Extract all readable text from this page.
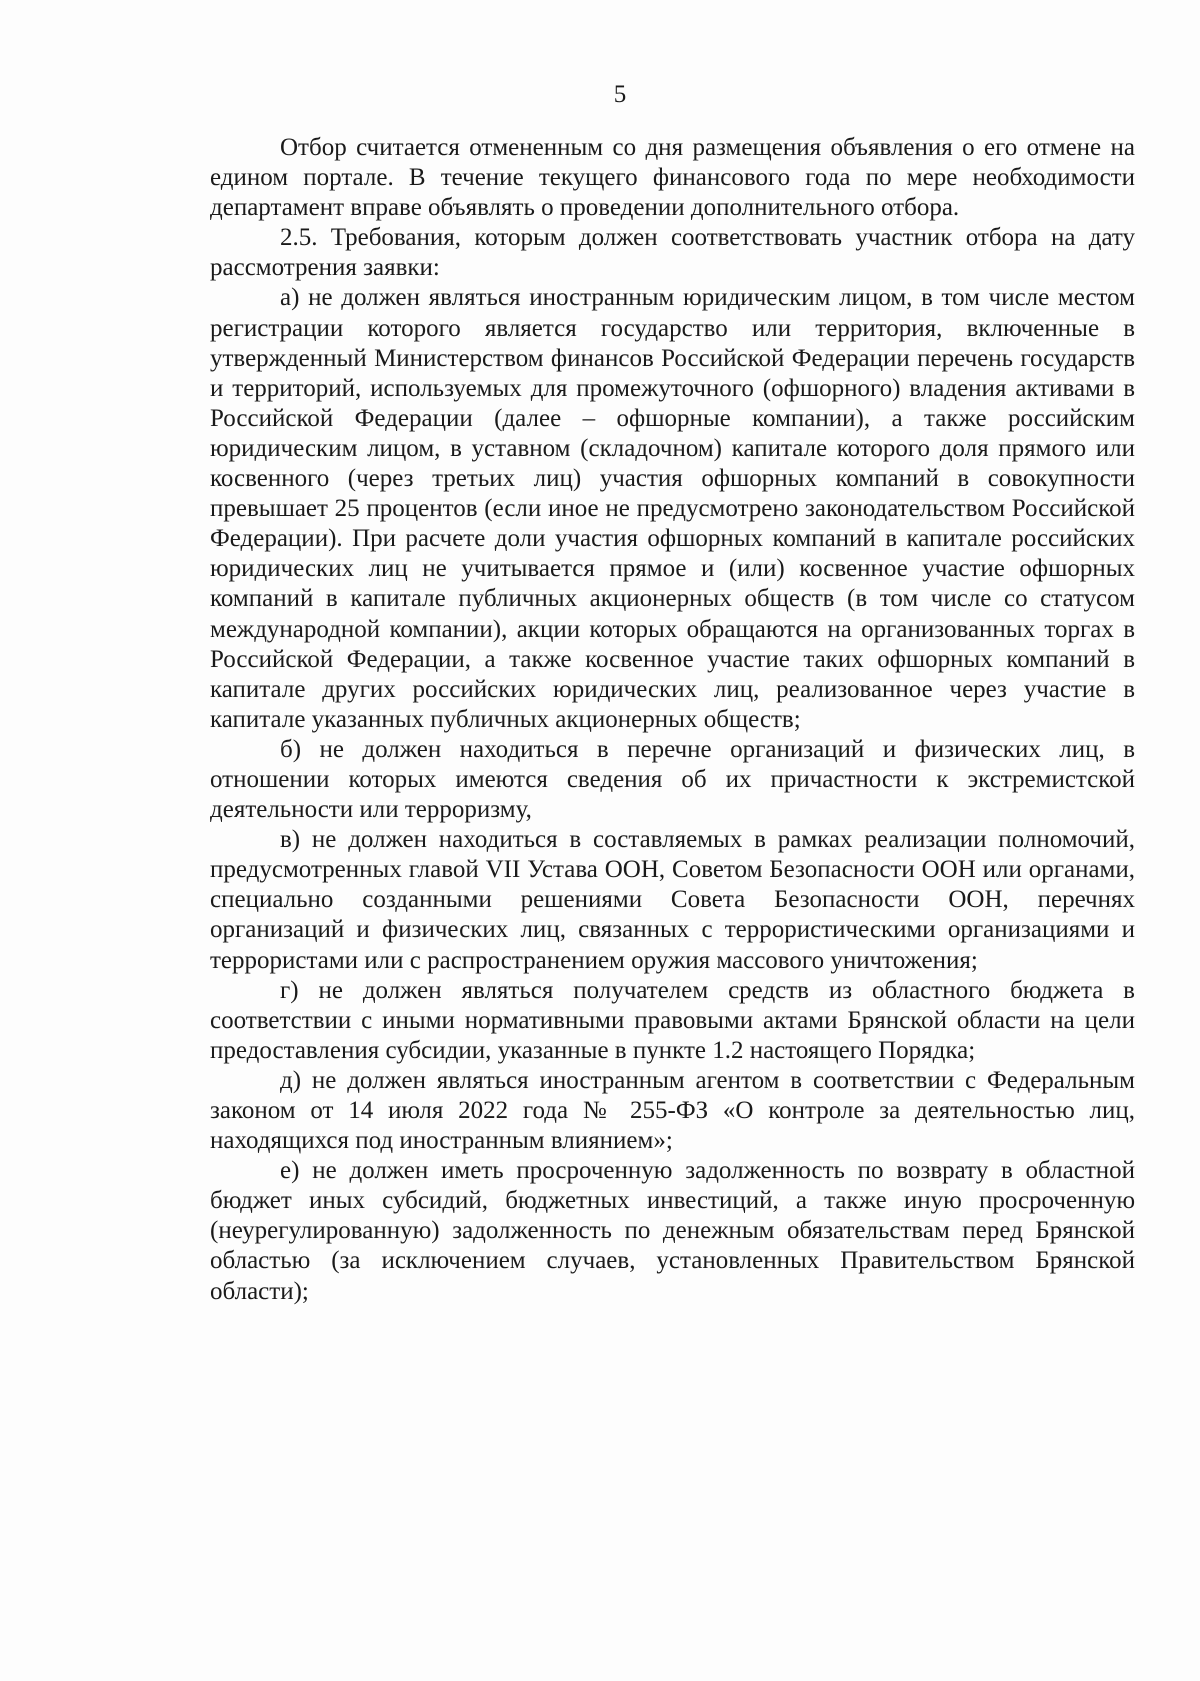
5

Отбор считается отмененным со дня размещения объявления о его отмене на едином портале. В течение текущего финансового года по мере необходимости департамент вправе объявлять о проведении дополнительного отбора.

2.5. Требования, которым должен соответствовать участник отбора на дату рассмотрения заявки:

а) не должен являться иностранным юридическим лицом, в том числе местом регистрации которого является государство или территория, включенные в утвержденный Министерством финансов Российской Федерации перечень государств и территорий, используемых для промежуточного (офшорного) владения активами в Российской Федерации (далее – офшорные компании), а также российским юридическим лицом, в уставном (складочном) капитале которого доля прямого или косвенного (через третьих лиц) участия офшорных компаний в совокупности превышает 25 процентов (если иное не предусмотрено законодательством Российской Федерации). При расчете доли участия офшорных компаний в капитале российских юридических лиц не учитывается прямое и (или) косвенное участие офшорных компаний в капитале публичных акционерных обществ (в том числе со статусом международной компании), акции которых обращаются на организованных торгах в Российской Федерации, а также косвенное участие таких офшорных компаний в капитале других российских юридических лиц, реализованное через участие в капитале указанных публичных акционерных обществ;

б) не должен находиться в перечне организаций и физических лиц, в отношении которых имеются сведения об их причастности к экстремистской деятельности или терроризму,

в) не должен находиться в составляемых в рамках реализации полномочий, предусмотренных главой VII Устава ООН, Советом Безопасности ООН или органами, специально созданными решениями Совета Безопасности ООН, перечнях организаций и физических лиц, связанных с террористическими организациями и террористами или с распространением оружия массового уничтожения;

г) не должен являться получателем средств из областного бюджета в соответствии с иными нормативными правовыми актами Брянской области на цели предоставления субсидии, указанные в пункте 1.2 настоящего Порядка;

д) не должен являться иностранным агентом в соответствии с Федеральным законом от 14 июля 2022 года № 255-ФЗ «О контроле за деятельностью лиц, находящихся под иностранным влиянием»;

е) не должен иметь просроченную задолженность по возврату в областной бюджет иных субсидий, бюджетных инвестиций, а также иную просроченную (неурегулированную) задолженность по денежным обязательствам перед Брянской областью (за исключением случаев, установленных Правительством Брянской области);
